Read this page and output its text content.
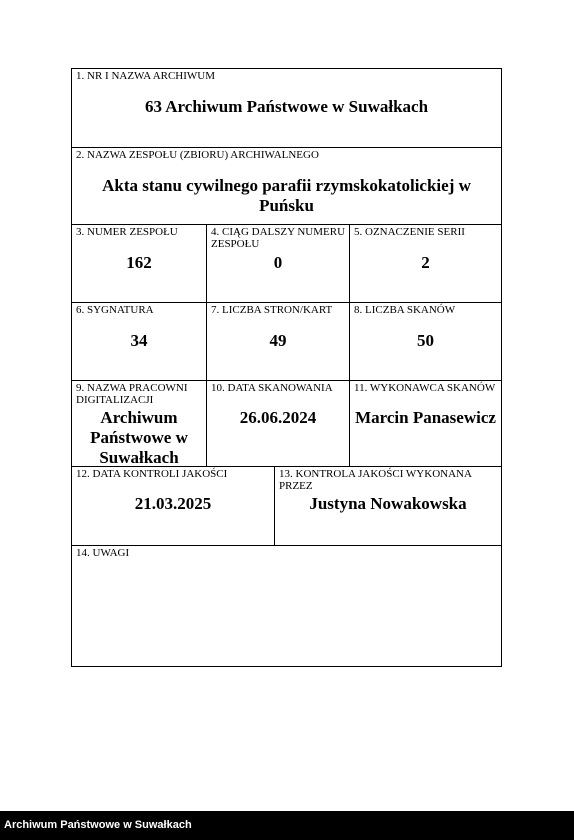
1. NR I NAZWA ARCHIWUM
63 Archiwum Państwowe w Suwałkach
2. NAZWA ZESPOŁU (ZBIORU) ARCHIWALNEGO
Akta stanu cywilnego parafii rzymskokatolickiej w Puńsku
3. NUMER ZESPOŁU
162
4. CIĄG DALSZY NUMERU ZESPOŁU
0
5. OZNACZENIE SERII
2
6. SYGNATURA
34
7. LICZBA STRON/KART
49
8. LICZBA SKANÓW
50
9. NAZWA PRACOWNI DIGITALIZACJI
Archiwum Państwowe w Suwałkach
10. DATA SKANOWANIA
26.06.2024
11. WYKONAWCA SKANÓW
Marcin Panasewicz
12. DATA KONTROLI JAKOŚCI
21.03.2025
13. KONTROLA JAKOŚCI WYKONANA PRZEZ
Justyna Nowakowska
14. UWAGI
Archiwum Państwowe w Suwałkach
